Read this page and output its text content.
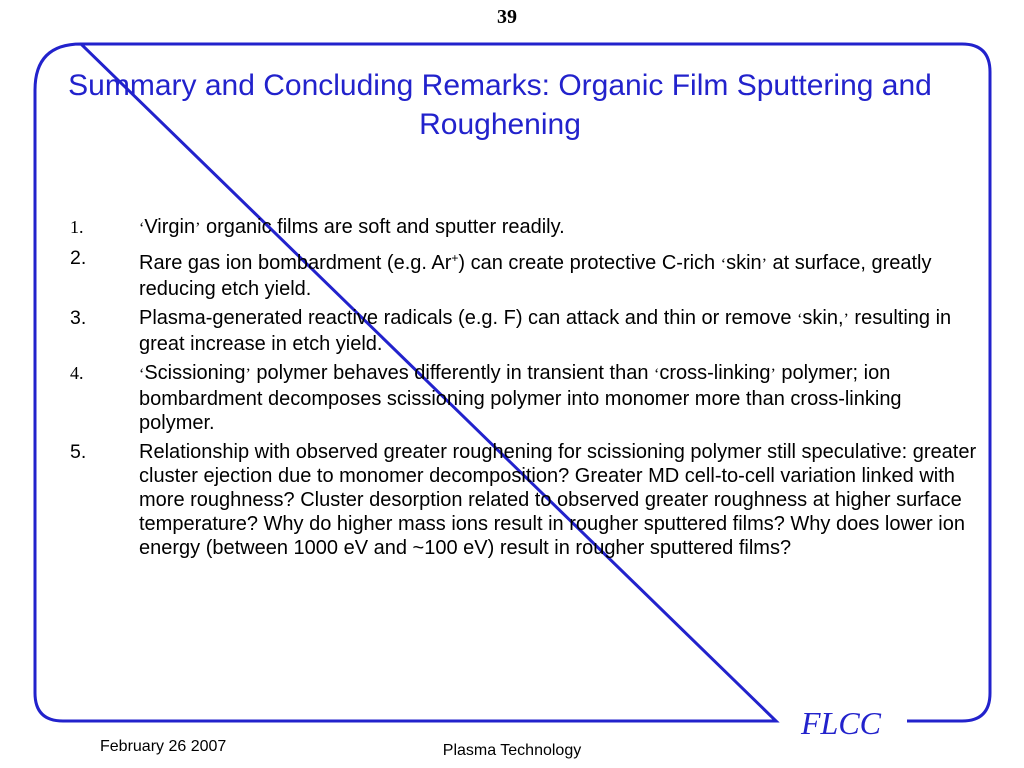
39
Summary and Concluding Remarks: Organic Film Sputtering and Roughening
1.	‘Virgin’ organic films are soft and sputter readily.
2.	Rare gas ion bombardment (e.g. Ar+) can create protective C-rich ‘skin’ at surface, greatly reducing etch yield.
3.	Plasma-generated reactive radicals (e.g. F) can attack and thin or remove ‘skin,’ resulting in great increase in etch yield.
4.	‘Scissioning’ polymer behaves differently in transient than ‘cross-linking’ polymer; ion bombardment decomposes scissioning polymer into monomer more than cross-linking polymer.
5.	Relationship with observed greater roughening for scissioning polymer still speculative: greater cluster ejection due to monomer decomposition? Greater MD cell-to-cell variation linked with more roughness? Cluster desorption related to observed greater roughness at higher surface temperature? Why do higher mass ions result in rougher sputtered films? Why does lower ion energy (between 1000 eV and ~100 eV) result in rougher sputtered films?
FLCC
February 26 2007	Plasma Technology
